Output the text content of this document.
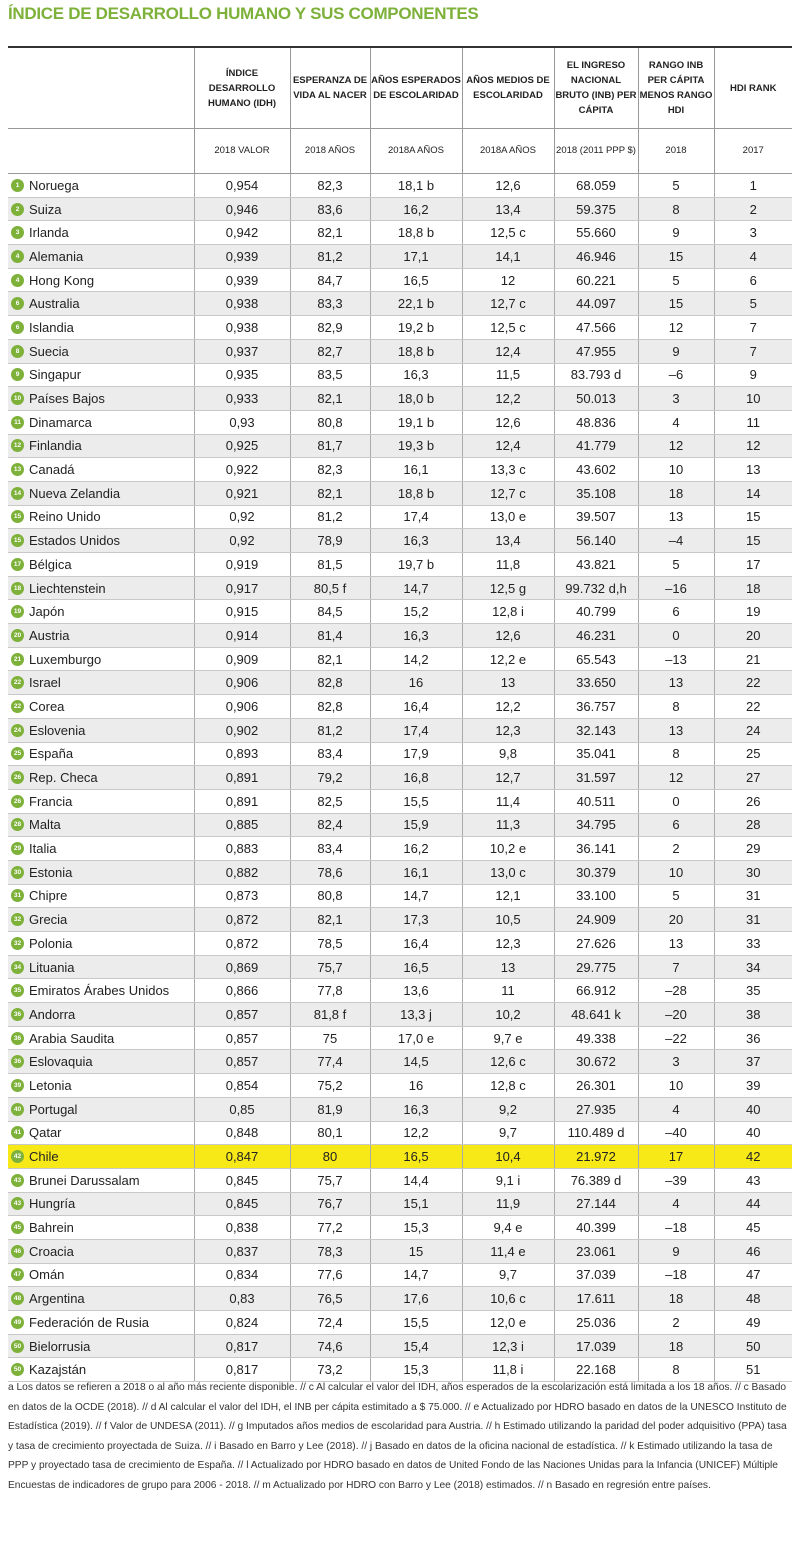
ÍNDICE DE DESARROLLO HUMANO Y SUS COMPONENTES
	ÍNDICE DESARROLLO HUMANO (IDH)	ESPERANZA DE VIDA AL NACER	AÑOS ESPERADOS DE ESCOLARIDAD	AÑOS MEDIOS DE ESCOLARIDAD	EL INGRESO NACIONAL BRUTO (INB) PER CÁPITA	RANGO INB PER CÁPITA MENOS RANGO HDI	HDI RANK
	2018 VALOR	2018 AÑOS	2018A AÑOS	2018A AÑOS	2018 (2011 PPP $)	2018	2017

1 Noruega	0,954	82,3	18,1 b	12,6	68.059	5	1

2 Suiza	0,946	83,6	16,2	13,4	59.375	8	2

3 Irlanda	0,942	82,1	18,8 b	12,5 c	55.660	9	3

4 Alemania	0,939	81,2	17,1	14,1	46.946	15	4

4 Hong Kong	0,939	84,7	16,5	12	60.221	5	6

6 Australia	0,938	83,3	22,1 b	12,7 c	44.097	15	5

6 Islandia	0,938	82,9	19,2 b	12,5 c	47.566	12	7

8 Suecia	0,937	82,7	18,8 b	12,4	47.955	9	7

9 Singapur	0,935	83,5	16,3	11,5	83.793 d	–6	9

10 Países Bajos	0,933	82,1	18,0 b	12,2	50.013	3	10

11 Dinamarca	0,93	80,8	19,1 b	12,6	48.836	4	11

12 Finlandia	0,925	81,7	19,3 b	12,4	41.779	12	12

13 Canadá	0,922	82,3	16,1	13,3 c	43.602	10	13

14 Nueva Zelandia	0,921	82,1	18,8 b	12,7 c	35.108	18	14

15 Reino Unido	0,92	81,2	17,4	13,0 e	39.507	13	15

15 Estados Unidos	0,92	78,9	16,3	13,4	56.140	–4	15

17 Bélgica	0,919	81,5	19,7 b	11,8	43.821	5	17

18 Liechtenstein	0,917	80,5 f	14,7	12,5 g	99.732 d,h	–16	18

19 Japón	0,915	84,5	15,2	12,8 i	40.799	6	19

20 Austria	0,914	81,4	16,3	12,6	46.231	0	20

21 Luxemburgo	0,909	82,1	14,2	12,2 e	65.543	–13	21

22 Israel	0,906	82,8	16	13	33.650	13	22

22 Corea	0,906	82,8	16,4	12,2	36.757	8	22

24 Eslovenia	0,902	81,2	17,4	12,3	32.143	13	24

25 España	0,893	83,4	17,9	9,8	35.041	8	25

26 Rep. Checa	0,891	79,2	16,8	12,7	31.597	12	27

26 Francia	0,891	82,5	15,5	11,4	40.511	0	26

28 Malta	0,885	82,4	15,9	11,3	34.795	6	28

29 Italia	0,883	83,4	16,2	10,2 e	36.141	2	29

30 Estonia	0,882	78,6	16,1	13,0 c	30.379	10	30

31 Chipre	0,873	80,8	14,7	12,1	33.100	5	31

32 Grecia	0,872	82,1	17,3	10,5	24.909	20	31

32 Polonia	0,872	78,5	16,4	12,3	27.626	13	33

34 Lituania	0,869	75,7	16,5	13	29.775	7	34

35 Emiratos Árabes Unidos	0,866	77,8	13,6	11	66.912	–28	35

36 Andorra	0,857	81,8 f	13,3 j	10,2	48.641 k	–20	38

36 Arabia Saudita	0,857	75	17,0 e	9,7 e	49.338	–22	36

36 Eslovaquia	0,857	77,4	14,5	12,6 c	30.672	3	37

39 Letonia	0,854	75,2	16	12,8 c	26.301	10	39

40 Portugal	0,85	81,9	16,3	9,2	27.935	4	40

41 Qatar	0,848	80,1	12,2	9,7	110.489 d	–40	40

42 Chile	0,847	80	16,5	10,4	21.972	17	42

43 Brunei Darussalam	0,845	75,7	14,4	9,1 i	76.389 d	–39	43

43 Hungría	0,845	76,7	15,1	11,9	27.144	4	44

45 Bahrein	0,838	77,2	15,3	9,4 e	40.399	–18	45

46 Croacia	0,837	78,3	15	11,4 e	23.061	9	46

47 Omán	0,834	77,6	14,7	9,7	37.039	–18	47

48 Argentina	0,83	76,5	17,6	10,6 c	17.611	18	48

49 Federación de Rusia	0,824	72,4	15,5	12,0 e	25.036	2	49

50 Bielorrusia	0,817	74,6	15,4	12,3 i	17.039	18	50

50 Kazajstán	0,817	73,2	15,3	11,8 i	22.168	8	51
a Los datos se refieren a 2018 o al año más reciente disponible. // c Al calcular el valor del IDH, años esperados de la escolarización está limitada a los 18 años. // c Basado en datos de la OCDE (2018). // d Al calcular el valor del IDH, el INB per cápita estimitado a $ 75.000. // e Actualizado por HDRO basado en datos de la UNESCO Instituto de Estadística (2019). // f Valor de UNDESA (2011). // g Imputados años medios de escolaridad para Austria. // h Estimado utilizando la paridad del poder adquisitivo (PPA) tasa y tasa de crecimiento proyectada de Suiza. // i Basado en Barro y Lee (2018). // j Basado en datos de la oficina nacional de estadística. // k Estimado utilizando la tasa de PPP y proyectado tasa de crecimiento de España. // l Actualizado por HDRO basado en datos de United Fondo de las Naciones Unidas para la Infancia (UNICEF) Múltiple Encuestas de indicadores de grupo para 2006 - 2018. // m Actualizado por HDRO con Barro y Lee (2018) estimados. // n Basado en regresión entre países.
